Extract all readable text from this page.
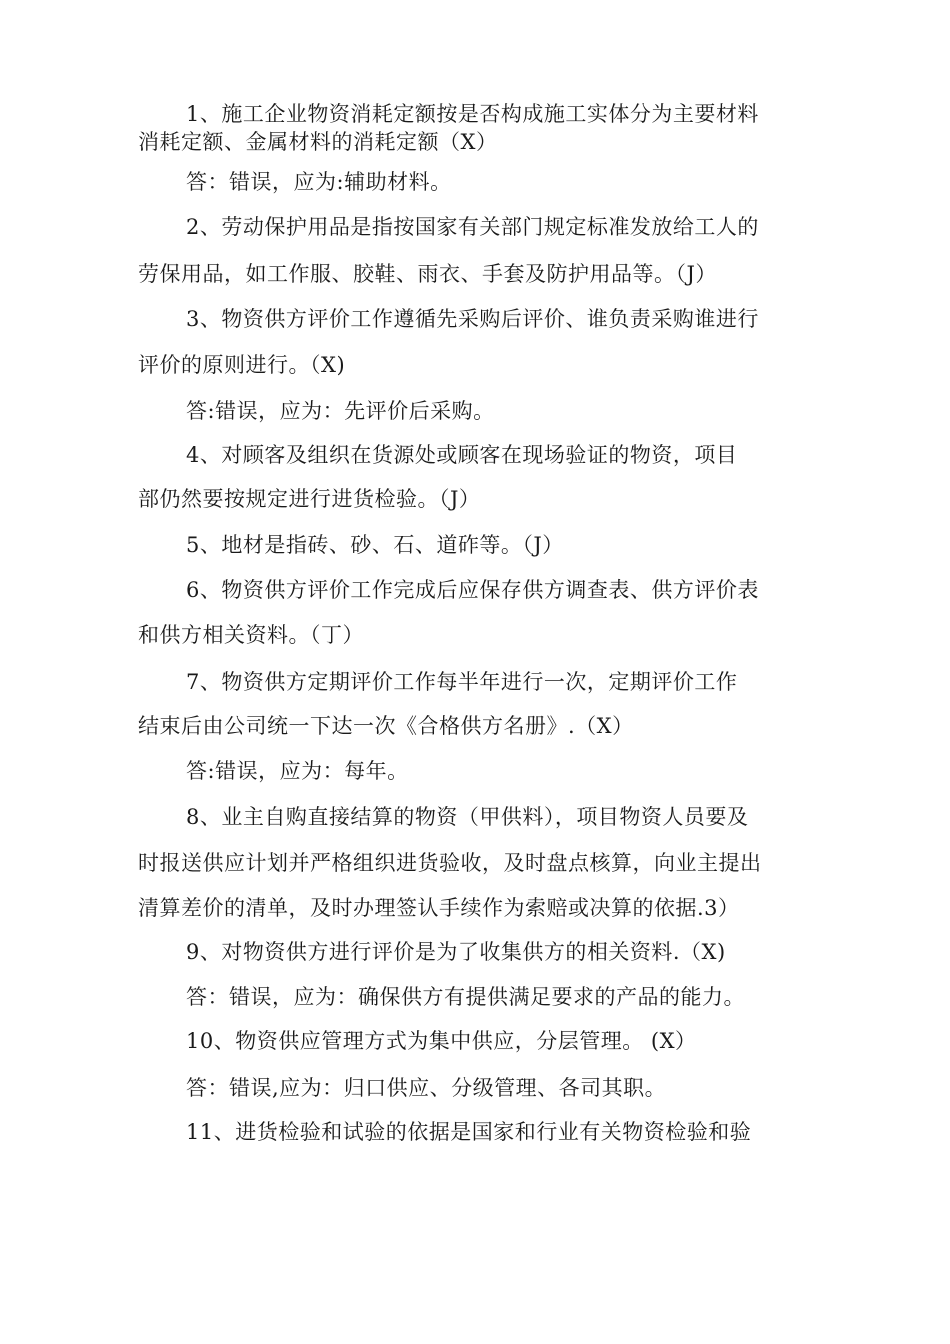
1、施工企业物资消耗定额按是否构成施工实体分为主要材料
消耗定额、金属材料的消耗定额（X）
答：错误，应为:辅助材料。
2、劳动保护用品是指按国家有关部门规定标准发放给工人的
劳保用品，如工作服、胶鞋、雨衣、手套及防护用品等。（J）
3、物资供方评价工作遵循先采购后评价、谁负责采购谁进行
评价的原则进行。（X)
答:错误，应为：先评价后采购。
4、对顾客及组织在货源处或顾客在现场验证的物资，项目
部仍然要按规定进行进货检验。（J）
5、地材是指砖、砂、石、道砟等。（J）
6、物资供方评价工作完成后应保存供方调查表、供方评价表
和供方相关资料。（丁）
7、物资供方定期评价工作每半年进行一次，定期评价工作
结束后由公司统一下达一次《合格供方名册》.（X）
答:错误，应为：每年。
8、业主自购直接结算的物资（甲供料），项目物资人员要及
时报送供应计划并严格组织进货验收，及时盘点核算，向业主提出
清算差价的清单，及时办理签认手续作为索赔或决算的依据.3）
9、对物资供方进行评价是为了收集供方的相关资料.（X)
答：错误，应为：确保供方有提供满足要求的产品的能力。
10、物资供应管理方式为集中供应，分层管理。 (X）
答：错误,应为：归口供应、分级管理、各司其职。
11、进货检验和试验的依据是国家和行业有关物资检验和验
